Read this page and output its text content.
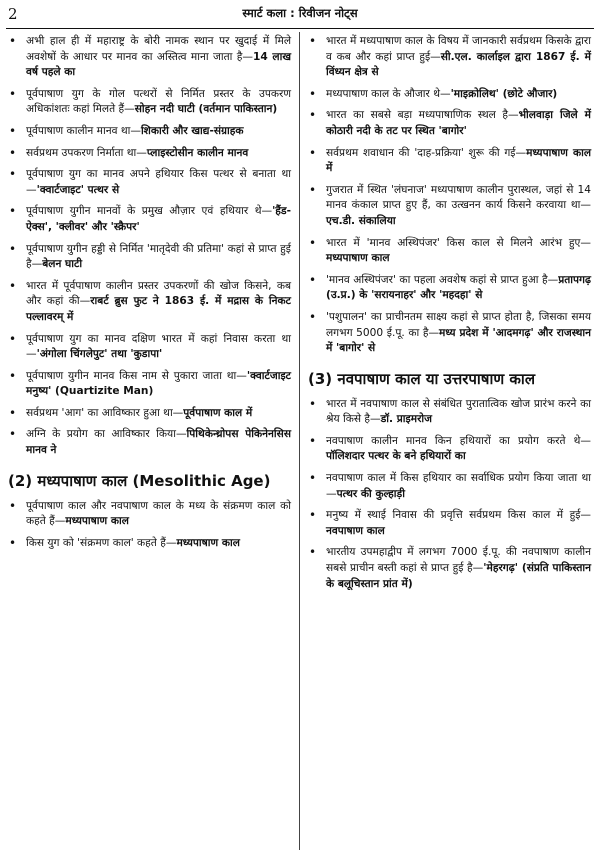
2	स्मार्ट कला : रिवीजन नोट्स
• अभी हाल ही में महाराष्ट्र के बोरी नामक स्थान पर खुदाई में मिले अवशेषों के आधार पर मानव का अस्तित्व माना जाता है—14 लाख वर्ष पहले का
• पूर्वपाषाण युग के गोल पत्थरों से निर्मित प्रस्तर के उपकरण अधिकांशतः कहां मिलते हैं—सोहन नदी घाटी (वर्तमान पाकिस्तान)
• पूर्वपाषाण कालीन मानव था—शिकारी और खाद्य-संग्राहक
• सर्वप्रथम उपकरण निर्माता था—प्लाइस्टोसीन कालीन मानव
• पूर्वपाषाण युग का मानव अपने हथियार किस पत्थर से बनाता था—'क्वार्टजाइट' पत्थर से
• पूर्वपाषाण युगीन मानवों के प्रमुख औज़ार एवं हथियार थे—'हैंड-ऐक्स', 'क्लीवर' और 'स्क्रैपर'
• पूर्वपाषाण युगीन हड्डी से निर्मित 'मातृदेवी की प्रतिमा' कहां से प्राप्त हुई है—बेलन घाटी
• भारत में पूर्वपाषाण कालीन प्रस्तर उपकरणों की खोज किसने, कब और कहां की—राबर्ट ब्रुस फुट ने 1863 ई. में मद्रास के निकट पल्लावरम् में
• पूर्वपाषाण युग का मानव दक्षिण भारत में कहां निवास करता था—'अंगोला चिंगलेपुट' तथा 'कुडापा'
• पूर्वपाषाण युगीन मानव किस नाम से पुकारा जाता था—'क्वार्टजाइट मनुष्य' (Quartizite Man)
• सर्वप्रथम 'आग' का आविष्कार हुआ था—पूर्वपाषाण काल में
• अग्नि के प्रयोग का आविष्कार किया—पिथिकेन्थ्रोपस पेकिनेनसिस मानव ने
(2) मध्यपाषाण काल (Mesolithic Age)
• पूर्वपाषाण काल और नवपाषाण काल के मध्य के संक्रमण काल को कहते हैं—मध्यपाषाण काल
• किस युग को 'संक्रमण काल' कहते हैं—मध्यपाषाण काल
• भारत में मध्यपाषाण काल के विषय में जानकारी सर्वप्रथम किसके द्वारा व कब और कहां प्राप्त हुई—सी.एल. कार्लाइल द्वारा 1867 ई. में विंध्यन क्षेत्र से
• मध्यपाषाण काल के औजार थे—'माइक्रोलिथ' (छोटे औजार)
• भारत का सबसे बड़ा मध्यपाषाणिक स्थल है—भीलवाड़ा जिले में कोठारी नदी के तट पर स्थित 'बागोर'
• सर्वप्रथम शवाधान की 'दाह-प्रक्रिया' शुरू की गई—मध्यपाषाण काल में
• गुजरात में स्थित 'लंघनाज' मध्यपाषाण कालीन पुरास्थल, जहां से 14 मानव कंकाल प्राप्त हुए हैं, का उत्खनन कार्य किसने करवाया था—एच.डी. संकालिया
• भारत में 'मानव अस्थिपंजर' किस काल से मिलने आरंभ हुए—मध्यपाषाण काल
• 'मानव अस्थिपंजर' का पहला अवशेष कहां से प्राप्त हुआ है—प्रतापगढ़ (उ.प्र.) के 'सरायनाहर' और 'महदहा' से
• 'पशुपालन' का प्राचीनतम साक्ष्य कहां से प्राप्त होता है, जिसका समय लगभग 5000 ई.पू. का है—मध्य प्रदेश में 'आदमगढ़' और राजस्थान में 'बागोर' से
(3) नवपाषाण काल या उत्तरपाषाण काल
• भारत में नवपाषाण काल से संबंधित पुरातात्विक खोज प्रारंभ करने का श्रेय किसे है—डॉ. प्राइमरोज
• नवपाषाण कालीन मानव किन हथियारों का प्रयोग करते थे—पॉलिशदार पत्थर के बने हथियारों का
• नवपाषाण काल में किस हथियार का सर्वाधिक प्रयोग किया जाता था—पत्थर की कुल्हाड़ी
• मनुष्य में स्थाई निवास की प्रवृत्ति सर्वप्रथम किस काल में हुई—नवपाषाण काल
• भारतीय उपमहाद्वीप में लगभग 7000 ई.पू. की नवपाषाण कालीन सबसे प्राचीन बस्ती कहां से प्राप्त हुई है—'मेहरगढ़' (संप्रति पाकिस्तान के बलूचिस्तान प्रांत में)
